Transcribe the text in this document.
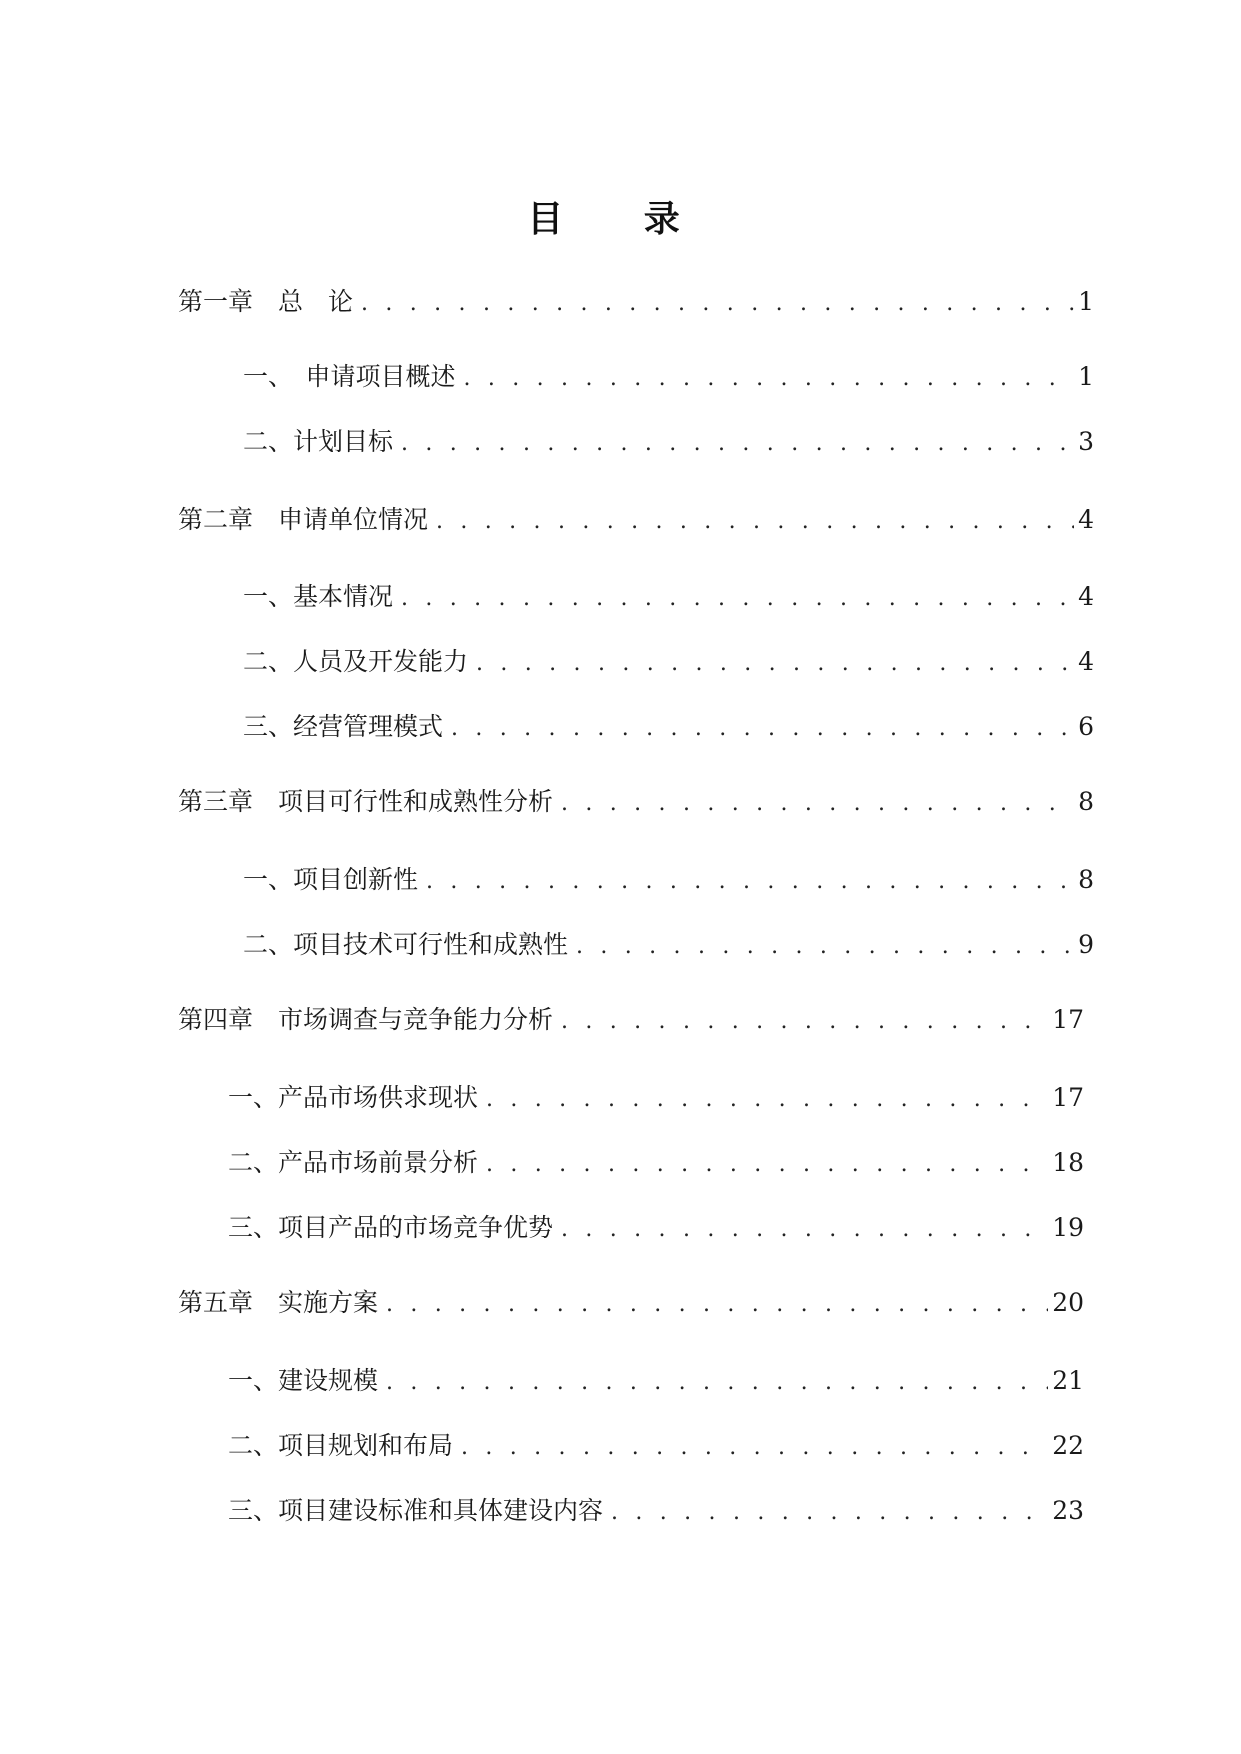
目 录
第一章　总　论 . . .	1
一、　申请项目概述 . . .	1
二、计划目标 . . .	3
第二章　申请单位情况 . . .	4
一、基本情况 . . .	4
二、人员及开发能力 . . .	4
三、经营管理模式 . . .	6
第三章　项目可行性和成熟性分析 . . .	8
一、项目创新性 . . .	8
二、项目技术可行性和成熟性 . . .	9
第四章　市场调查与竞争能力分析 . . .	17
一、产品市场供求现状 . . .	17
二、产品市场前景分析 . . .	18
三、项目产品的市场竞争优势 . . .	19
第五章　实施方案 . . .	20
一、建设规模 . . .	21
二、项目规划和布局 . . .	22
三、项目建设标准和具体建设内容 . . .	23
